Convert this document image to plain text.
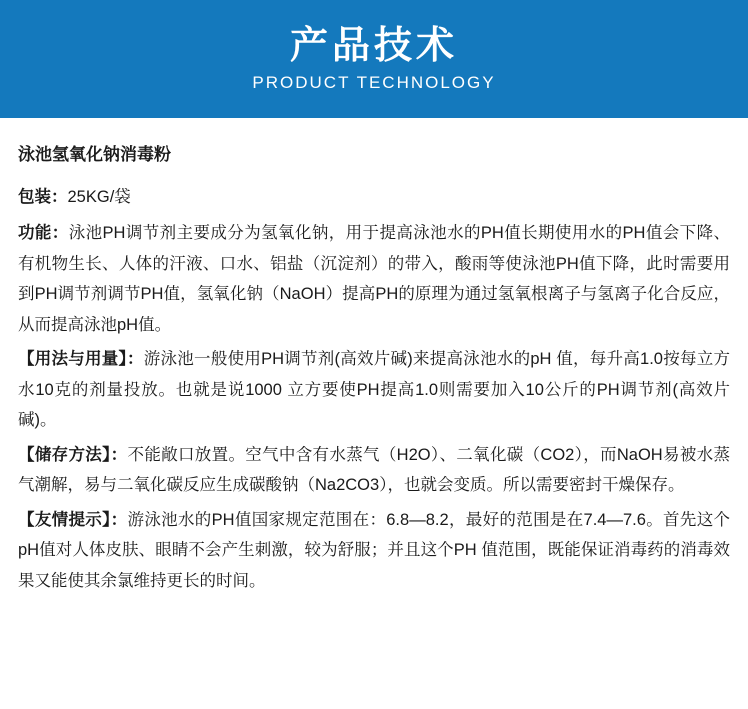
产品技术
PRODUCT TECHNOLOGY
泳池氢氧化钠消毒粉

包装：25KG/袋

功能：泳池PH调节剂主要成分为氢氧化钠，用于提高泳池水的PH值长期使用水的PH值会下降、有机物生长、人体的汗液、口水、铝盐（沉淀剂）的带入，酸雨等使泳池PH值下降，此时需要用到PH调节剂调节PH值，氢氧化钠（NaOH）提高PH的原理为通过氢氧根离子与氢离子化合反应，从而提高泳池pH值。

【用法与用量】：游泳池一般使用PH调节剂(高效片碱)来提高泳池水的pH 值，每升高1.0按每立方水10克的剂量投放。也就是说1000 立方要使PH提高1.0则需要加入10公斤的PH调节剂(高效片碱)。

【储存方法】：不能敞口放置。空气中含有水蒸气（H2O）、二氧化碳（CO2），而NaOH易被水蒸气潮解，易与二氧化碳反应生成碳酸钠（Na2CO3），也就会变质。所以需要密封干燥保存。

【友情提示】：游泳池水的PH值国家规定范围在：6.8—8.2，最好的范围是在7.4—7.6。首先这个pH值对人体皮肤、眼睛不会产生刺激，较为舒服；并且这个PH 值范围，既能保证消毒药的消毒效果又能使其余氯维持更长的时间。
